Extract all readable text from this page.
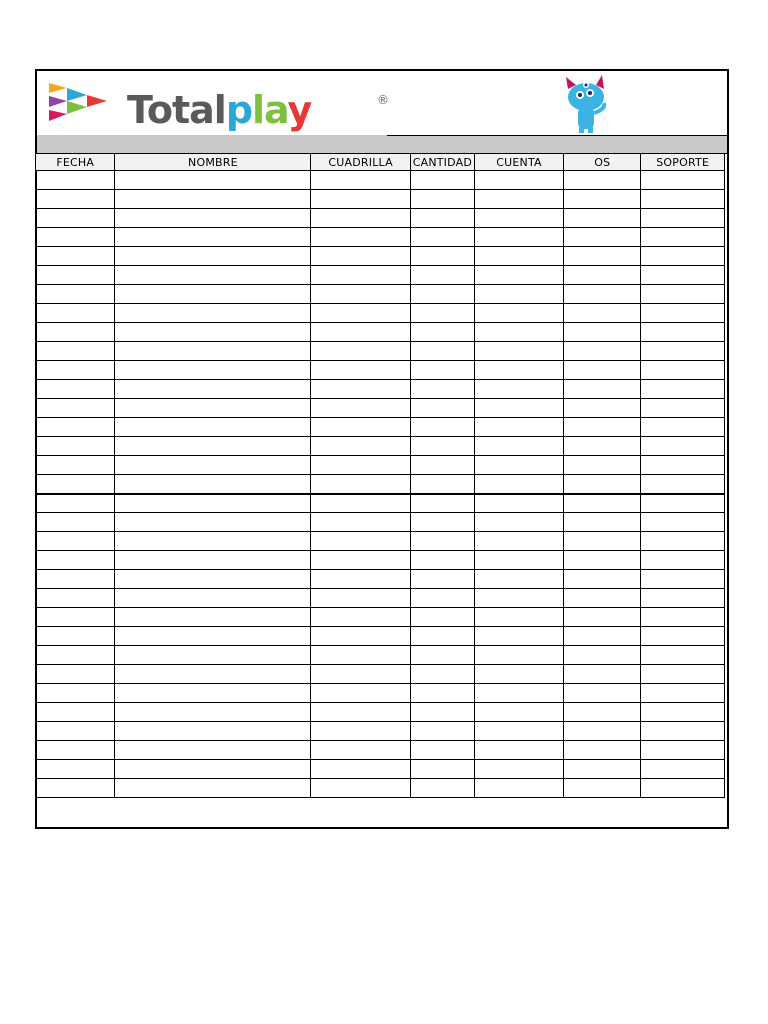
Totalplay	®
FECHA	NOMBRE	CUADRILLA	CANTIDAD	CUENTA	OS	SOPORTE
